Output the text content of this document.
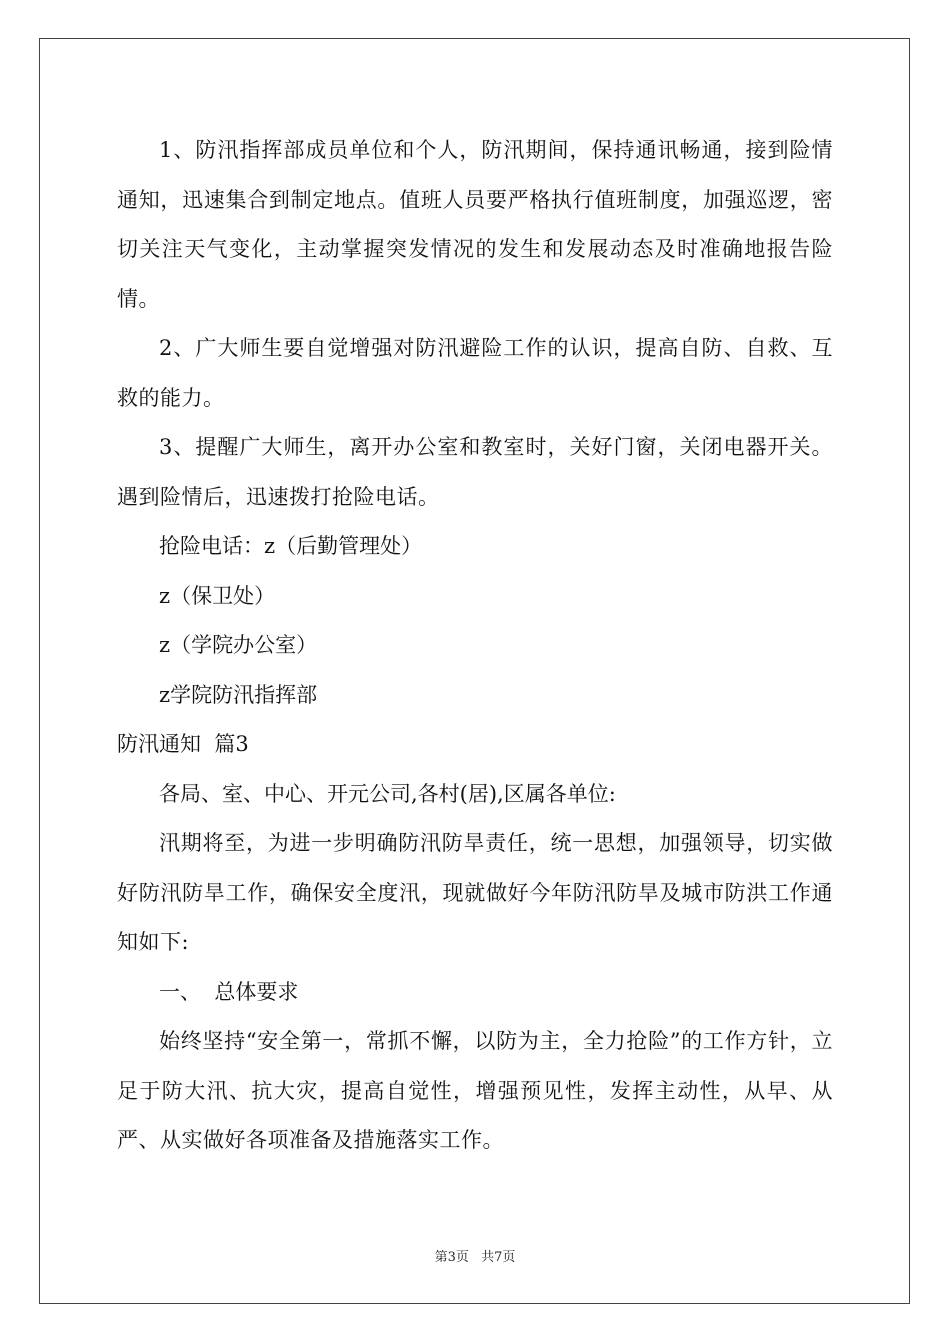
1、防汛指挥部成员单位和个人，防汛期间，保持通讯畅通，接到险情通知，迅速集合到制定地点。值班人员要严格执行值班制度，加强巡逻，密切关注天气变化，主动掌握突发情况的发生和发展动态及时准确地报告险情。

2、广大师生要自觉增强对防汛避险工作的认识，提高自防、自救、互救的能力。

3、提醒广大师生，离开办公室和教室时，关好门窗，关闭电器开关。遇到险情后，迅速拨打抢险电话。

抢险电话：z（后勤管理处）

z（保卫处）

z（学院办公室）

z学院防汛指挥部

防汛通知  篇3

各局、室、中心、开元公司,各村(居),区属各单位:

汛期将至，为进一步明确防汛防旱责任，统一思想，加强领导，切实做好防汛防旱工作，确保安全度汛，现就做好今年防汛防旱及城市防洪工作通知如下:

一、  总体要求

始终坚持“安全第一，常抓不懈，以防为主，全力抢险”的工作方针，立足于防大汛、抗大灾，提高自觉性，增强预见性，发挥主动性，从早、从严、从实做好各项准备及措施落实工作。

第3页 共7页
